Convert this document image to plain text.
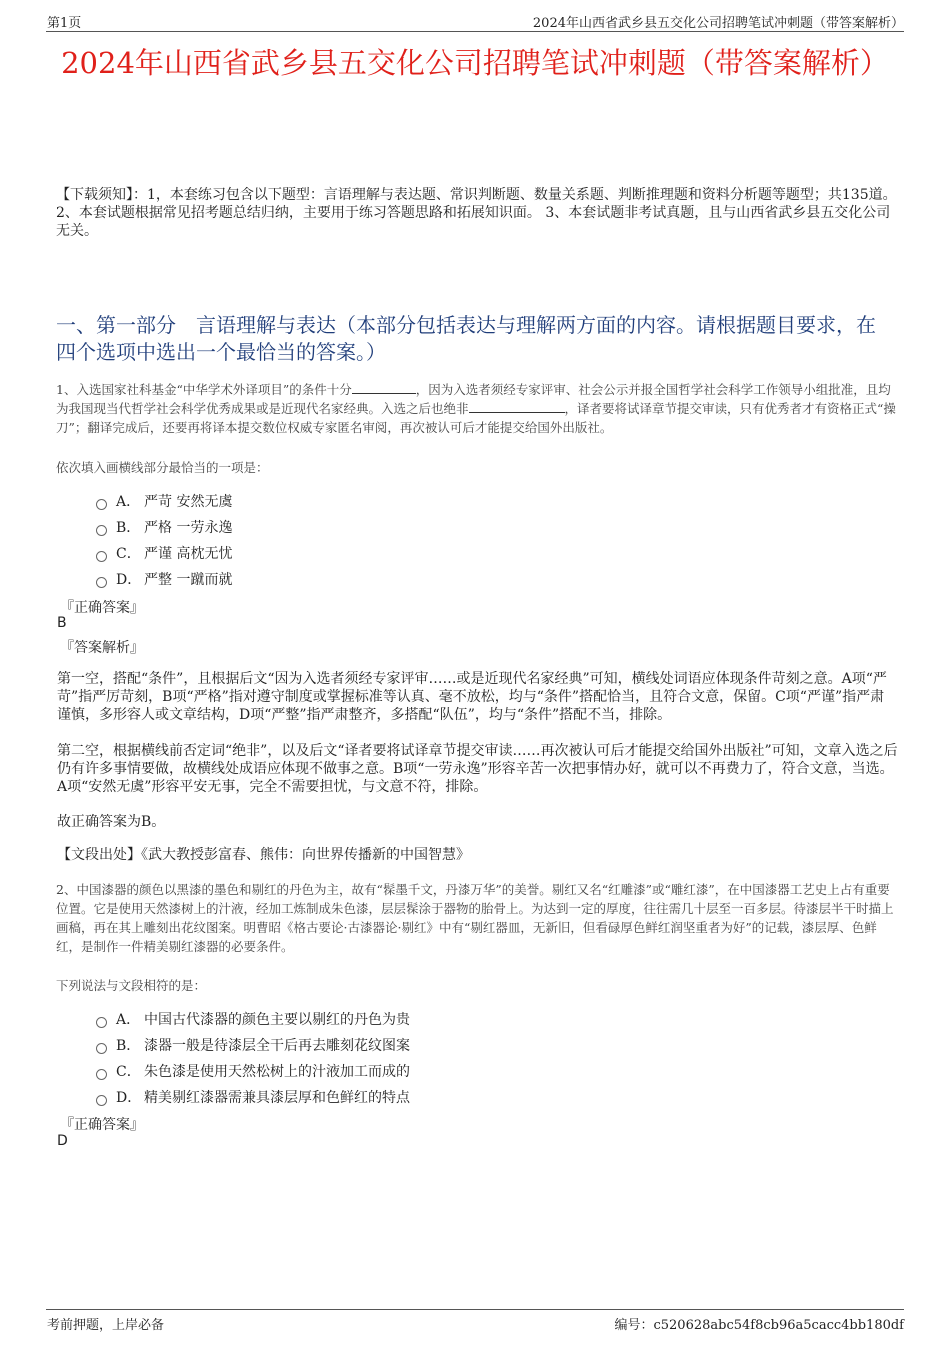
第1页	2024年山西省武乡县五交化公司招聘笔试冲刺题（带答案解析）
2024年山西省武乡县五交化公司招聘笔试冲刺题（带答案解析）
【下载须知】：1，本套练习包含以下题型：言语理解与表达题、常识判断题、数量关系题、判断推理题和资料分析题等题型；共135道。 2、本套试题根据常见招考题总结归纳，主要用于练习答题思路和拓展知识面。 3、本套试题非考试真题，且与山西省武乡县五交化公司无关。
一、第一部分　言语理解与表达（本部分包括表达与理解两方面的内容。请根据题目要求，在四个选项中选出一个最恰当的答案。）
1、入选国家社科基金“中华学术外译项目”的条件十分	，因为入选者须经专家评审、社会公示并报全国哲学社会科学工作领导小组批准，且均为我国现当代哲学社会科学优秀成果或是近现代名家经典。入选之后也绝非	，译者要将试译章节提交审读，只有优秀者才有资格正式“操刀”；翻译完成后，还要再将译本提交数位权威专家匿名审阅，再次被认可后才能提交给国外出版社。
依次填入画横线部分最恰当的一项是：
A． 严苛 安然无虞
B． 严格 一劳永逸
C． 严谨 高枕无忧
D． 严整 一蹴而就
『正确答案』
B
『答案解析』
第一空，搭配“条件”，且根据后文“因为入选者须经专家评审……或是近现代名家经典”可知，横线处词语应体现条件苛刻之意。A项“严苛”指严厉苛刻，B项“严格”指对遵守制度或掌握标准等认真、毫不放松，均与“条件”搭配恰当，且符合文意，保留。C项“严谨”指严肃谨慎，多形容人或文章结构，D项“严整”指严肃整齐，多搭配“队伍”，均与“条件”搭配不当，排除。
第二空，根据横线前否定词“绝非”，以及后文“译者要将试译章节提交审读……再次被认可后才能提交给国外出版社”可知，文章入选之后仍有许多事情要做，故横线处成语应体现不做事之意。B项“一劳永逸”形容辛苦一次把事情办好，就可以不再费力了，符合文意，当选。A项“安然无虞”形容平安无事，完全不需要担忧，与文意不符，排除。
故正确答案为B。
【文段出处】《武大教授彭富春、熊伟：向世界传播新的中国智慧》
2、中国漆器的颜色以黑漆的墨色和剔红的丹色为主，故有“髹墨千文，丹漆万华”的美誉。剔红又名“红雕漆”或“雕红漆”，在中国漆器工艺史上占有重要位置。它是使用天然漆树上的汁液，经加工炼制成朱色漆，层层髹涂于器物的胎骨上。为达到一定的厚度，往往需几十层至一百多层。待漆层半干时描上画稿，再在其上雕刻出花纹图案。明曹昭《格古要论·古漆器论·剔红》中有“剔红器皿，无新旧，但看碌厚色鲜红润坚重者为好”的记载，漆层厚、色鲜红，是制作一件精美剔红漆器的必要条件。
下列说法与文段相符的是：
A． 中国古代漆器的颜色主要以剔红的丹色为贵
B． 漆器一般是待漆层全干后再去雕刻花纹图案
C． 朱色漆是使用天然松树上的汁液加工而成的
D． 精美剔红漆器需兼具漆层厚和色鲜红的特点
『正确答案』
D
考前押题，上岸必备	编号：c520628abc54f8cb96a5cacc4bb180df
